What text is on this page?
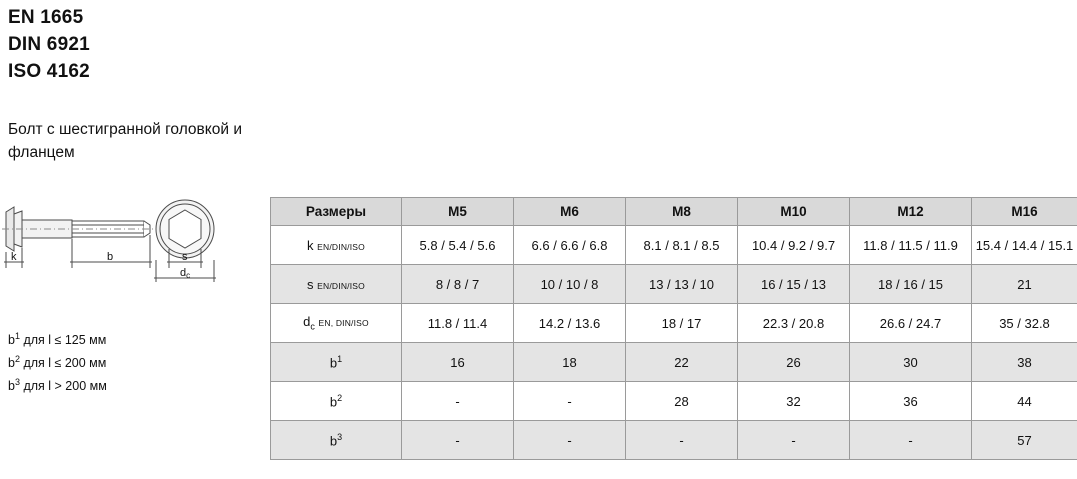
EN 1665
DIN 6921
ISO 4162
Болт с шестигранной головкой и фланцем
k	b	s
dc
$b^1$ для l ≤ 125 мм
$b^2$ для l ≤ 200 мм
$b^3$ для l > 200 мм
Размеры	M5	M6	M8	M10	M12	M16
k EN/DIN/ISO	5.8 / 5.4 / 5.6	6.6 / 6.6 / 6.8	8.1 / 8.1 / 8.5	10.4 / 9.2 / 9.7	11.8 / 11.5 / 11.9	15.4 / 14.4 / 15.1
s EN/DIN/ISO	8 / 8 / 7	10 / 10 / 8	13 / 13 / 10	16 / 15 / 13	18 / 16 / 15	21
$d_c$ EN, DIN/ISO	11.8 / 11.4	14.2 / 13.6	18 / 17	22.3 / 20.8	26.6 / 24.7	35 / 32.8
$b^1$	16	18	22	26	30	38
$b^2$	-	-	28	32	36	44
$b^3$	-	-	-	-	-	57
